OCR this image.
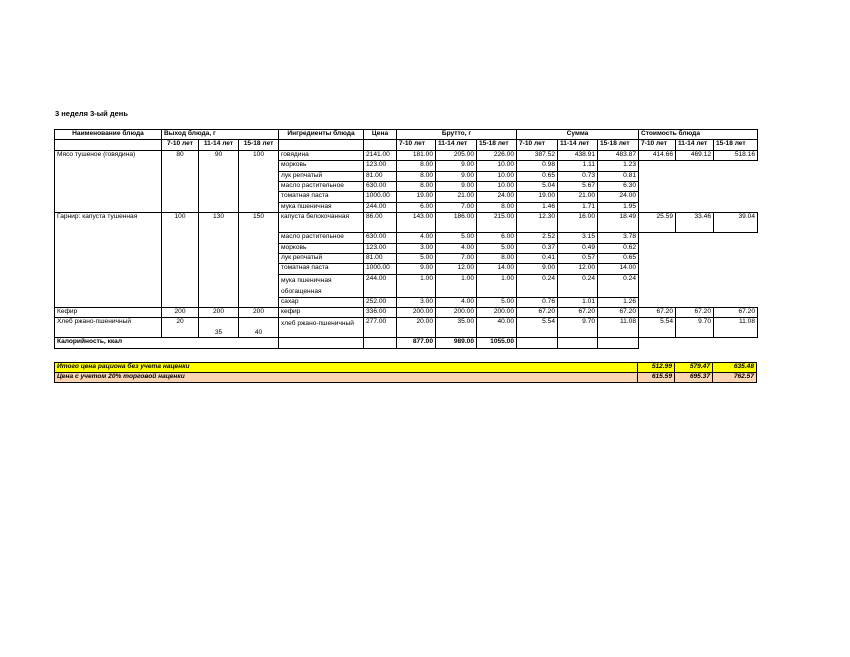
3 неделя 3-ый день
Наименование блюда	Выход блюда, г			Ингредиенты блюда	Цена	Брутто, г			Сумма			Стоимость блюда		
	7-10 лет	11-14 лет	15-18 лет			7-10 лет	11-14 лет	15-18 лет	7-10 лет	11-14 лет	15-18 лет	7-10 лет	11-14 лет	15-18 лет
Мясо тушеное (говядина)	80	90	100	говядина	2141.00	181.00	205.00	226.00	387.52	438.91	483.87	414.66	469.12	518.16
				морковь	123.00	8.00	9.00	10.00	0.98	1.11	1.23			
				лук репчатый	81.00	8.00	9.00	10.00	0.65	0.73	0.81			
				масло растительное	630.00	8.00	9.00	10.00	5.04	5.67	6.30			
				томатная паста	1000.00	19.00	21.00	24.00	19.00	21.00	24.00			
				мука пшеничная	244.00	6.00	7.00	8.00	1.46	1.71	1.95			
Гарнир: капуста тушенная	100	130	150	капуста белокочанная	86.00	143.00	186.00	215.00	12.30	16.00	18.49	25.59	33.46	39.04
				масло растительное	630.00	4.00	5.00	6.00	2.52	3.15	3.78			
				морковь	123.00	3.00	4.00	5.00	0.37	0.49	0.62			
				лук репчатый	81.00	5.00	7.00	8.00	0.41	0.57	0.65			
				томатная паста	1000.00	9.00	12.00	14.00	9.00	12.00	14.00			
				мука пшеничная обогащенная	244.00	1.00	1.00	1.00	0.24	0.24	0.24			
				сахар	252.00	3.00	4.00	5.00	0.76	1.01	1.26			
Кефир	200	200	200	кефир	336.00	200.00	200.00	200.00	67.20	67.20	67.20	67.20	67.20	67.20
Хлеб ржано-пшеничный	20	35	40	хлеб ржано-пшеничный	277.00	20.00	35.00	40.00	5.54	9.70	11.08	5.54	9.70	11.08
Калорийность, ккал						877.00	989.00	1055.00						
Итого цена рациона без учета наценки	512.99	579.47	635.48
Цена с учетом 20% торговой наценки	615.59	695.37	762.57
